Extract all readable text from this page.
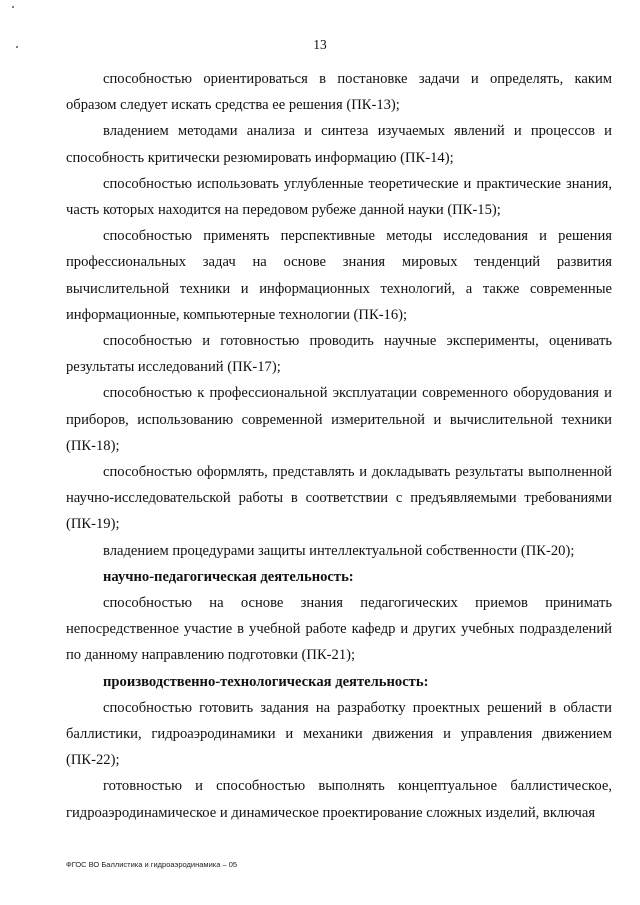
13

способностью ориентироваться в постановке задачи и определять, каким образом следует искать средства ее решения (ПК-13);

владением методами анализа и синтеза изучаемых явлений и процессов и способность критически резюмировать информацию (ПК-14);

способностью использовать углубленные теоретические и практические знания, часть которых находится на передовом рубеже данной науки (ПК-15);

способностью применять перспективные методы исследования и решения профессиональных задач на основе знания мировых тенденций развития вычислительной техники и информационных технологий, а также современные информационные, компьютерные технологии (ПК-16);

способностью и готовностью проводить научные эксперименты, оценивать результаты исследований (ПК-17);

способностью к профессиональной эксплуатации современного оборудования и приборов, использованию современной измерительной и вычислительной техники (ПК-18);

способностью оформлять, представлять и докладывать результаты выполненной научно-исследовательской работы в соответствии с предъявляемыми требованиями (ПК-19);

владением процедурами защиты интеллектуальной собственности (ПК-20);

научно-педагогическая деятельность:

способностью на основе знания педагогических приемов принимать непосредственное участие в учебной работе кафедр и других учебных подразделений по данному направлению подготовки (ПК-21);

производственно-технологическая деятельность:

способностью готовить задания на разработку проектных решений в области баллистики, гидроаэродинамики и механики движения и управления движением (ПК-22);

готовностью и способностью выполнять концептуальное баллистическое, гидроаэродинамическое и динамическое проектирование сложных изделий, включая

ФГОС ВО Баллистика и гидроаэродинамика – 05
